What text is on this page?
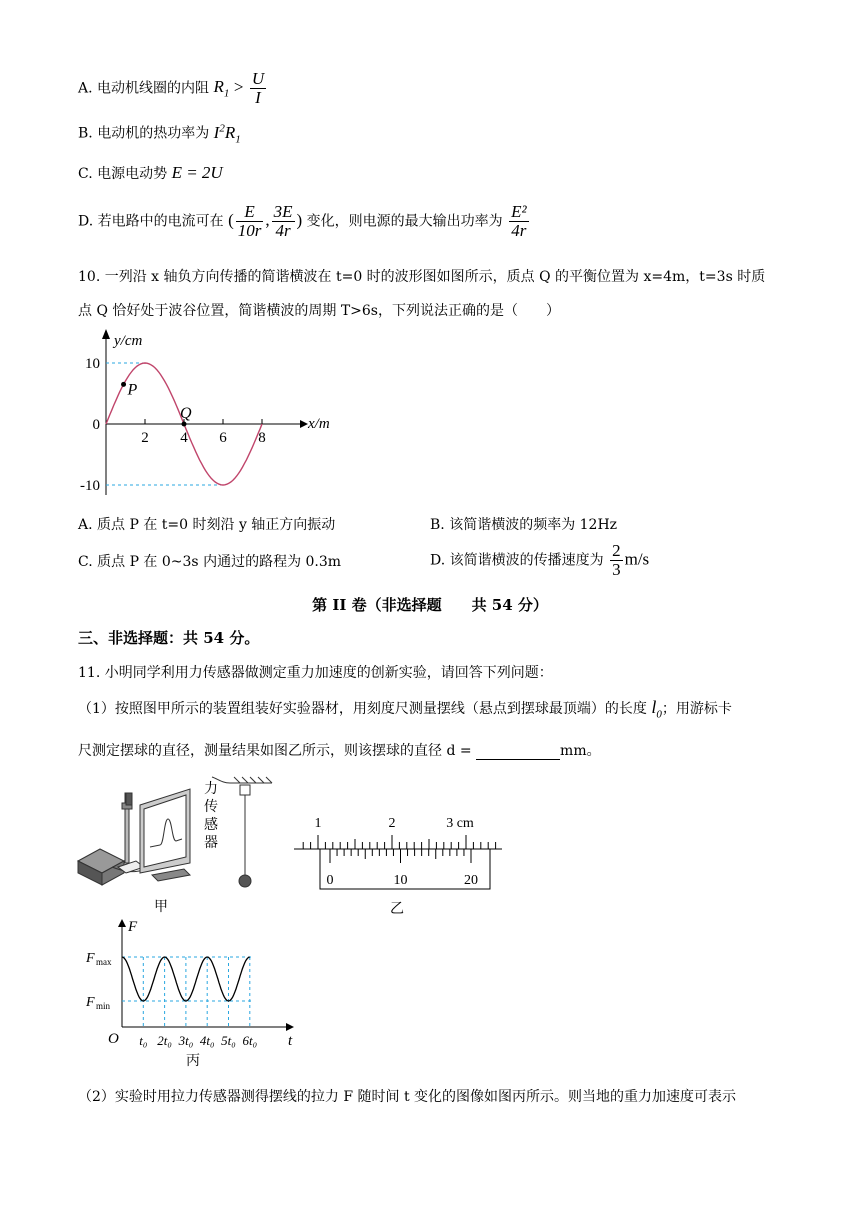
A. 电动机线圈的内阻 $R_1 > \frac{U}{I}$
B. 电动机的热功率为 $I^2R_1$
C. 电源电动势 E = 2U
D. 若电路中的电流可在 ( $\frac{E}{10r}$ , $\frac{3E}{4r}$ ) 变化，则电源的最大输出功率为 $\frac{\text{E²}}{4r}$
10. 一列沿 x 轴负方向传播的简谐横波在 t=0 时的波形图如图所示，质点 Q 的平衡位置为 x=4m，t=3s 时质
点 Q 恰好处于波谷位置，简谐横波的周期 T>6s，下列说法正确的是（　　）
y/cm
x/m
10
0
-10
2 4 6 8
P
Q
A. 质点 P 在 t=0 时刻沿 y 轴正方向振动	B. 该简谐横波的频率为 12Hz
C. 质点 P 在 0~3s 内通过的路程为 0.3m	D. 该简谐横波的传播速度为 $\frac{2}{3} m/s$
第 II 卷（非选择题　　共 54 分）
三、非选择题：共 54 分。
11. 小明同学利用力传感器做测定重力加速度的创新实验，请回答下列问题：
（1）按照图甲所示的装置组装好实验器材，用刻度尺测量摆线（悬点到摆球最顶端）的长度 $l_0$；用游标卡
尺测定摆球的直径，测量结果如图乙所示，则该摆球的直径 d =	mm。
力
传
感
器
甲
1	2	3 cm
0	10	20
乙
F
t
O
F max
F min
t₀ 2t₀ 3t₀ 4t₀ 5t₀ 6t₀
丙
（2）实验时用拉力传感器测得摆线的拉力 F 随时间 t 变化的图像如图丙所示。则当地的重力加速度可表示
